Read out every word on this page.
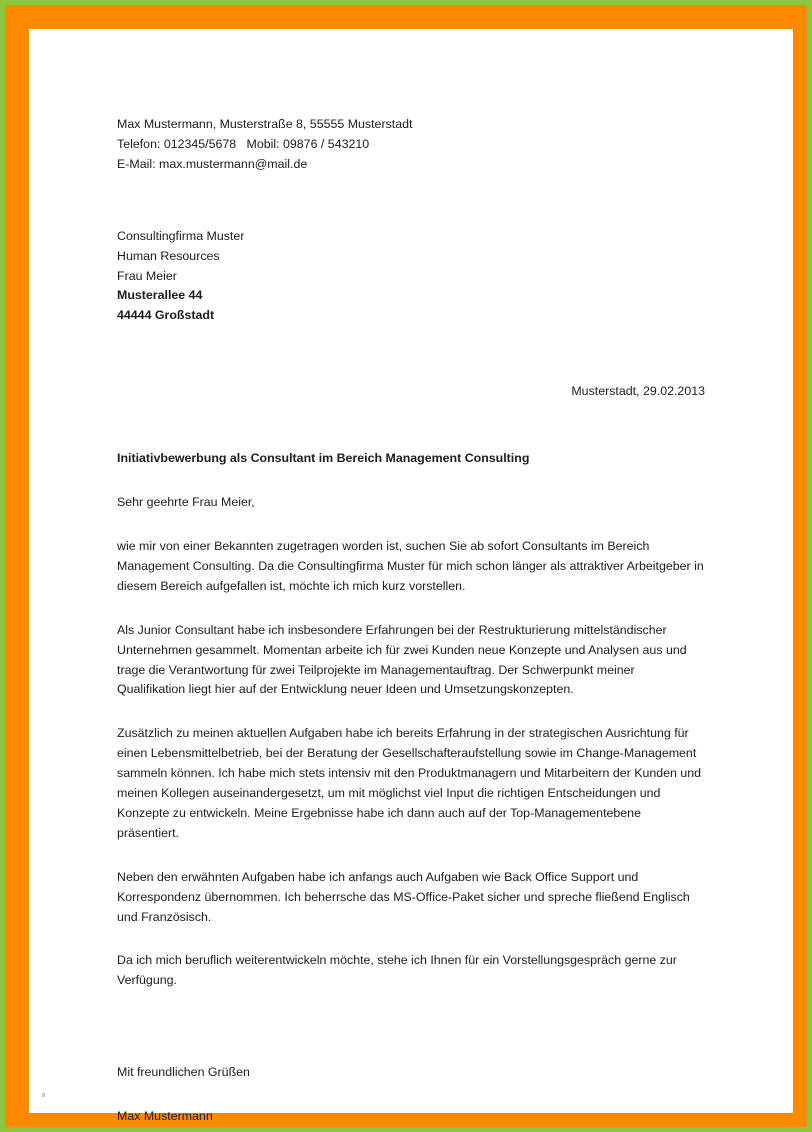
Max Mustermann, Musterstraße 8, 55555 Musterstadt
Telefon: 012345/5678   Mobil: 09876 / 543210
E-Mail: max.mustermann@mail.de
Consultingfirma Muster
Human Resources
Frau Meier
Musterallee 44
44444 Großstadt
Musterstadt, 29.02.2013
Initiativbewerbung als Consultant im Bereich Management Consulting
Sehr geehrte Frau Meier,
wie mir von einer Bekannten zugetragen worden ist, suchen Sie ab sofort Consultants im Bereich Management Consulting. Da die Consultingfirma Muster für mich schon länger als attraktiver Arbeitgeber in diesem Bereich aufgefallen ist, möchte ich mich kurz vorstellen.
Als Junior Consultant habe ich insbesondere Erfahrungen bei der Restrukturierung mittelständischer Unternehmen gesammelt. Momentan arbeite ich für zwei Kunden neue Konzepte und Analysen aus und trage die Verantwortung für zwei Teilprojekte im Managementauftrag. Der Schwerpunkt meiner Qualifikation liegt hier auf der Entwicklung neuer Ideen und Umsetzungskonzepten.
Zusätzlich zu meinen aktuellen Aufgaben habe ich bereits Erfahrung in der strategischen Ausrichtung für einen Lebensmittelbetrieb, bei der Beratung der Gesellschafteraufstellung sowie im Change-Management sammeln können. Ich habe mich stets intensiv mit den Produktmanagern und Mitarbeitern der Kunden und meinen Kollegen auseinandergesetzt, um mit möglichst viel Input die richtigen Entscheidungen und Konzepte zu entwickeln. Meine Ergebnisse habe ich dann auch auf der Top-Managementebene präsentiert.
Neben den erwähnten Aufgaben habe ich anfangs auch Aufgaben wie Back Office Support und Korrespondenz übernommen. Ich beherrsche das MS-Office-Paket sicher und spreche fließend Englisch und Französisch.
Da ich mich beruflich weiterentwickeln möchte, stehe ich Ihnen für ein Vorstellungsgespräch gerne zur Verfügung.
Mit freundlichen Grüßen
Max Mustermann
